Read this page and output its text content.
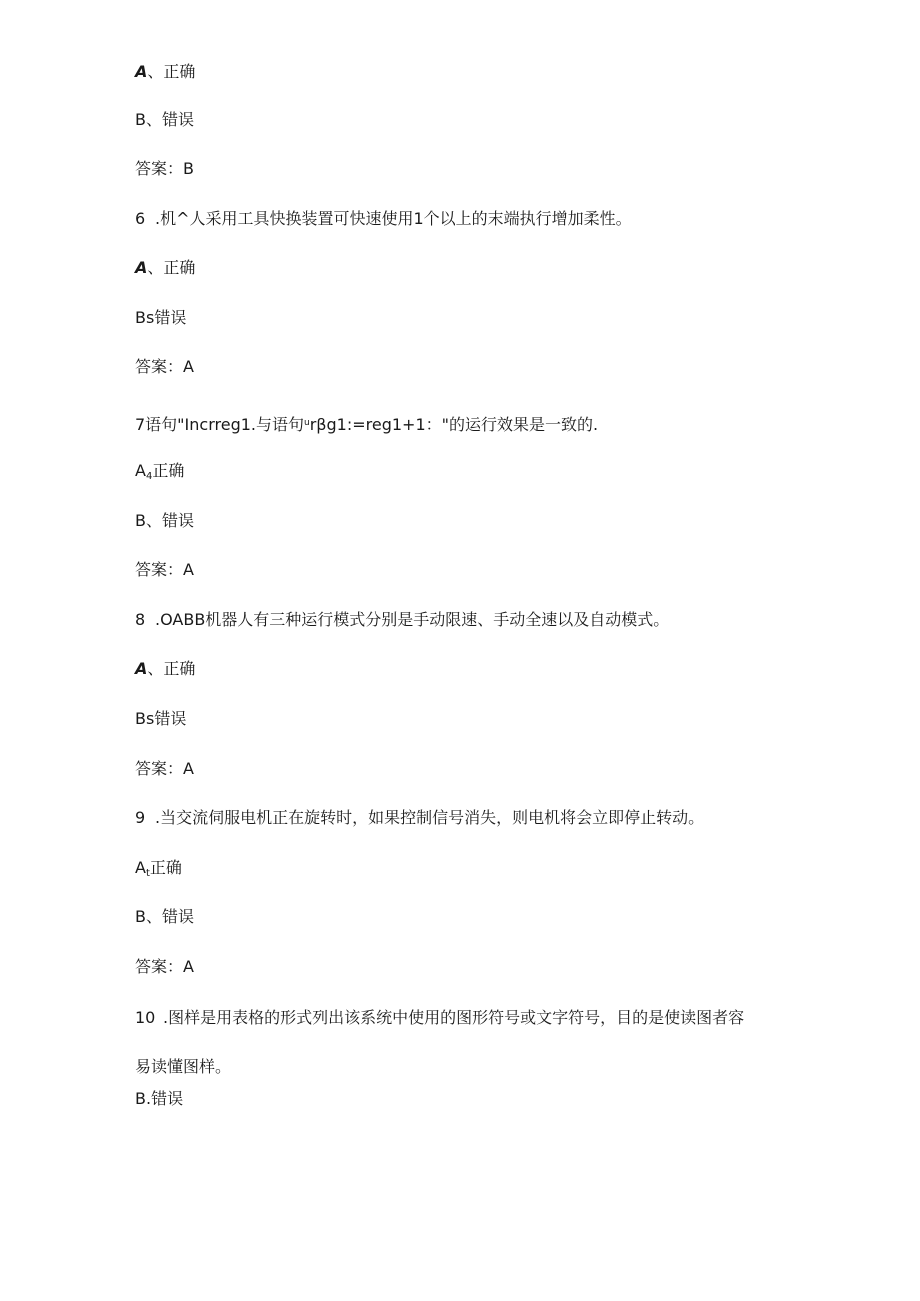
A、正确
B、错误
答案：B
6 .机^人采用工具快换装置可快速使用1个以上的末端执行增加柔性。
A、正确
Bs错误
答案：A
7语句"Incrreg1.与语句$^u$rβg1:=reg1+1："的运行效果是一致的.
$A_4$正确
B、错误
答案：A
8 .OABB机器人有三种运行模式分别是手动限速、手动全速以及自动模式。
A、正确
Bs错误
答案：A
9 .当交流伺服电机正在旋转时，如果控制信号消失，则电机将会立即停止转动。
$A_t$正确
B、错误
答案：A
10 .图样是用表格的形式列出该系统中使用的图形符号或文字符号，目的是使读图者容
易读懂图样。
B.错误
